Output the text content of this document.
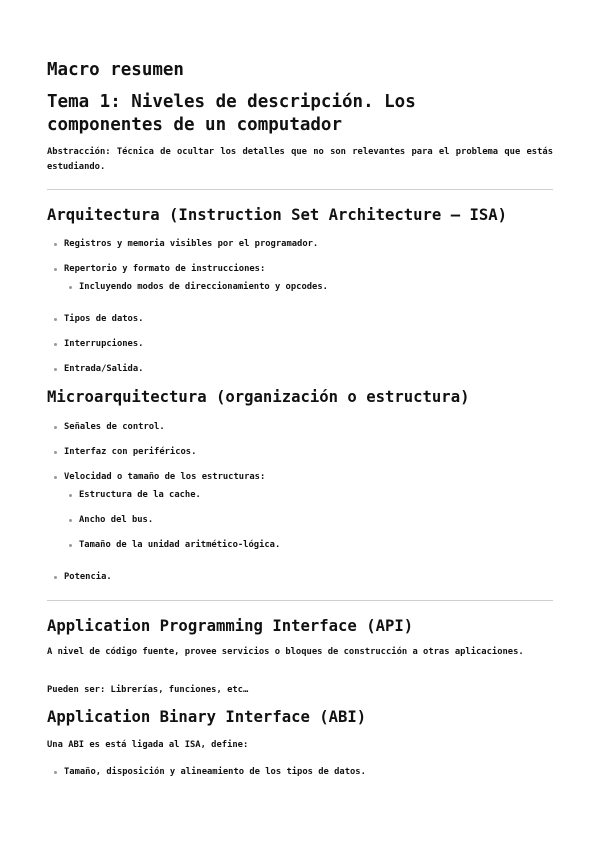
Macro resumen
Tema 1: Niveles de descripción. Los
componentes de un computador

Abstracción: Técnica de ocultar los detalles que no son relevantes para el problema que estás estudiando.

Arquitectura (Instruction Set Architecture – ISA)
Registros y memoria visibles por el programador.
Repertorio y formato de instrucciones:
Incluyendo modos de direccionamiento y opcodes.
Tipos de datos.
Interrupciones.
Entrada/Salida.
Microarquitectura (organización o estructura)
Señales de control.
Interfaz con periféricos.
Velocidad o tamaño de los estructuras:
Estructura de la cache.
Ancho del bus.
Tamaño de la unidad aritmético-lógica.
Potencia.
Application Programming Interface (API)

A nivel de código fuente, provee servicios o bloques de construcción a otras aplicaciones.

Pueden ser: Librerías, funciones, etc…

Application Binary Interface (ABI)

Una ABI es está ligada al ISA, define:

Tamaño, disposición y alineamiento de los tipos de datos.
